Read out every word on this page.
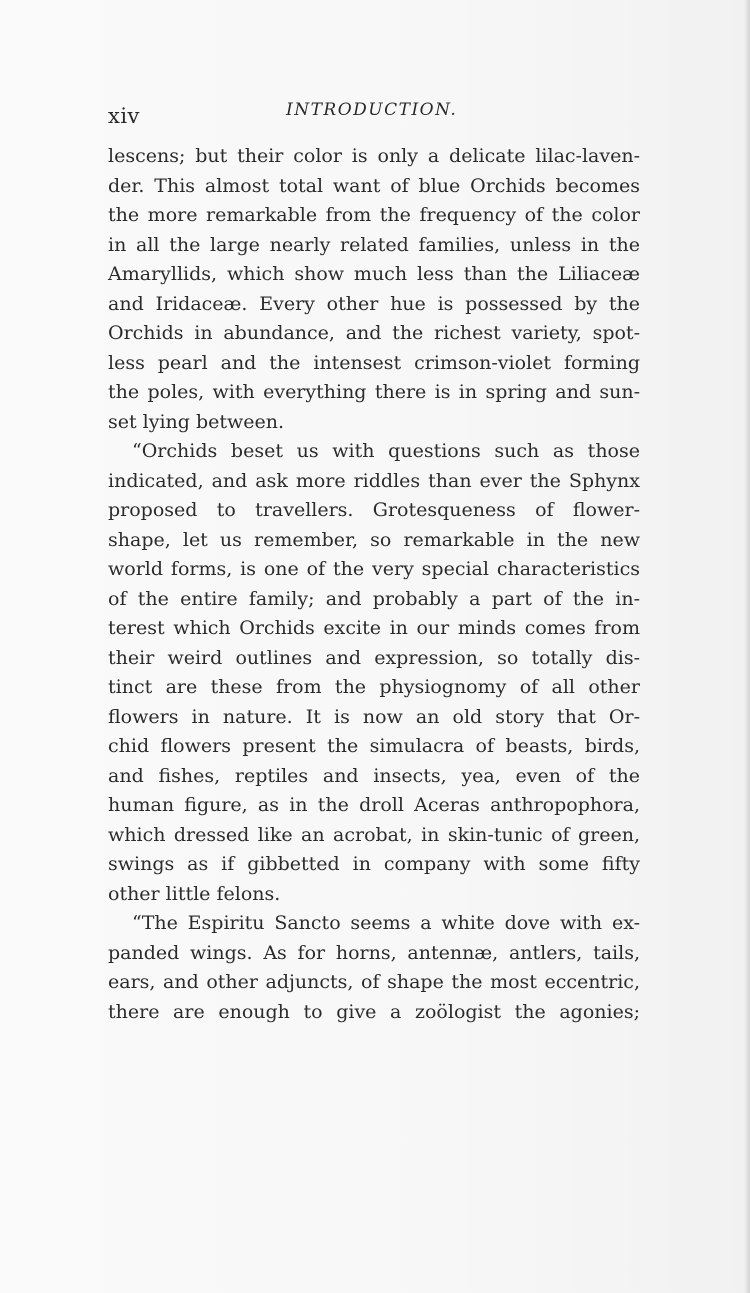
xiv	INTRODUCTION.
lescens; but their color is only a delicate lilac-laven-
der. This almost total want of blue Orchids becomes
the more remarkable from the frequency of the color
in all the large nearly related families, unless in the
Amaryllids, which show much less than the Liliaceæ
and Iridaceæ. Every other hue is possessed by the
Orchids in abundance, and the richest variety, spot-
less pearl and the intensest crimson-violet forming
the poles, with everything there is in spring and sun-
set lying between.
“Orchids beset us with questions such as those
indicated, and ask more riddles than ever the Sphynx
proposed to travellers. Grotesqueness of flower-
shape, let us remember, so remarkable in the new
world forms, is one of the very special characteristics
of the entire family; and probably a part of the in-
terest which Orchids excite in our minds comes from
their weird outlines and expression, so totally dis-
tinct are these from the physiognomy of all other
flowers in nature. It is now an old story that Or-
chid flowers present the simulacra of beasts, birds,
and fishes, reptiles and insects, yea, even of the
human figure, as in the droll Aceras anthropophora,
which dressed like an acrobat, in skin-tunic of green,
swings as if gibbetted in company with some fifty
other little felons.
“The Espiritu Sancto seems a white dove with ex-
panded wings. As for horns, antennæ, antlers, tails,
ears, and other adjuncts, of shape the most eccentric,
there are enough to give a zoölogist the agonies;
